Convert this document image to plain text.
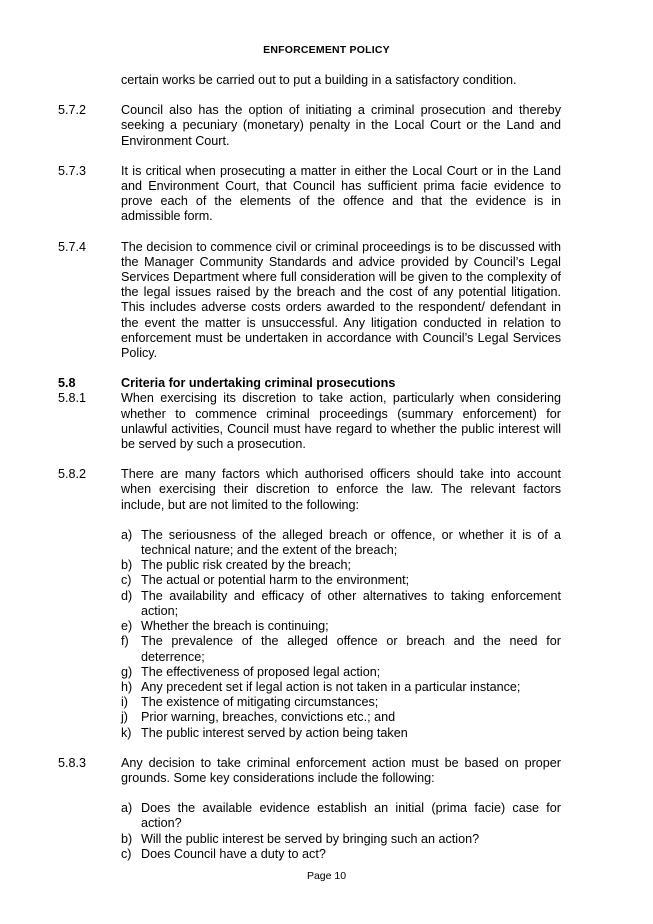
ENFORCEMENT POLICY
certain works be carried out to put a building in a satisfactory condition.
5.7.2	Council also has the option of initiating a criminal prosecution and thereby seeking a pecuniary (monetary) penalty in the Local Court or the Land and Environment Court.
5.7.3	It is critical when prosecuting a matter in either the Local Court or in the Land and Environment Court, that Council has sufficient prima facie evidence to prove each of the elements of the offence and that the evidence is in admissible form.
5.7.4	The decision to commence civil or criminal proceedings is to be discussed with the Manager Community Standards and advice provided by Council’s Legal Services Department where full consideration will be given to the complexity of the legal issues raised by the breach and the cost of any potential litigation. This includes adverse costs orders awarded to the respondent/ defendant in the event the matter is unsuccessful. Any litigation conducted in relation to enforcement must be undertaken in accordance with Council’s Legal Services Policy.
5.8	Criteria for undertaking criminal prosecutions
5.8.1	When exercising its discretion to take action, particularly when considering whether to commence criminal proceedings (summary enforcement) for unlawful activities, Council must have regard to whether the public interest will be served by such a prosecution.
5.8.2	There are many factors which authorised officers should take into account when exercising their discretion to enforce the law. The relevant factors include, but are not limited to the following:
a) The seriousness of the alleged breach or offence, or whether it is of a technical nature; and the extent of the breach;
b) The public risk created by the breach;
c) The actual or potential harm to the environment;
d) The availability and efficacy of other alternatives to taking enforcement action;
e) Whether the breach is continuing;
f) The prevalence of the alleged offence or breach and the need for deterrence;
g) The effectiveness of proposed legal action;
h) Any precedent set if legal action is not taken in a particular instance;
i)	The existence of mitigating circumstances;
j)	Prior warning, breaches, convictions etc.; and
k) The public interest served by action being taken
5.8.3	Any decision to take criminal enforcement action must be based on proper grounds. Some key considerations include the following:
a) Does the available evidence establish an initial (prima facie) case for action?
b) Will the public interest be served by bringing such an action?
c) Does Council have a duty to act?
Page 10
